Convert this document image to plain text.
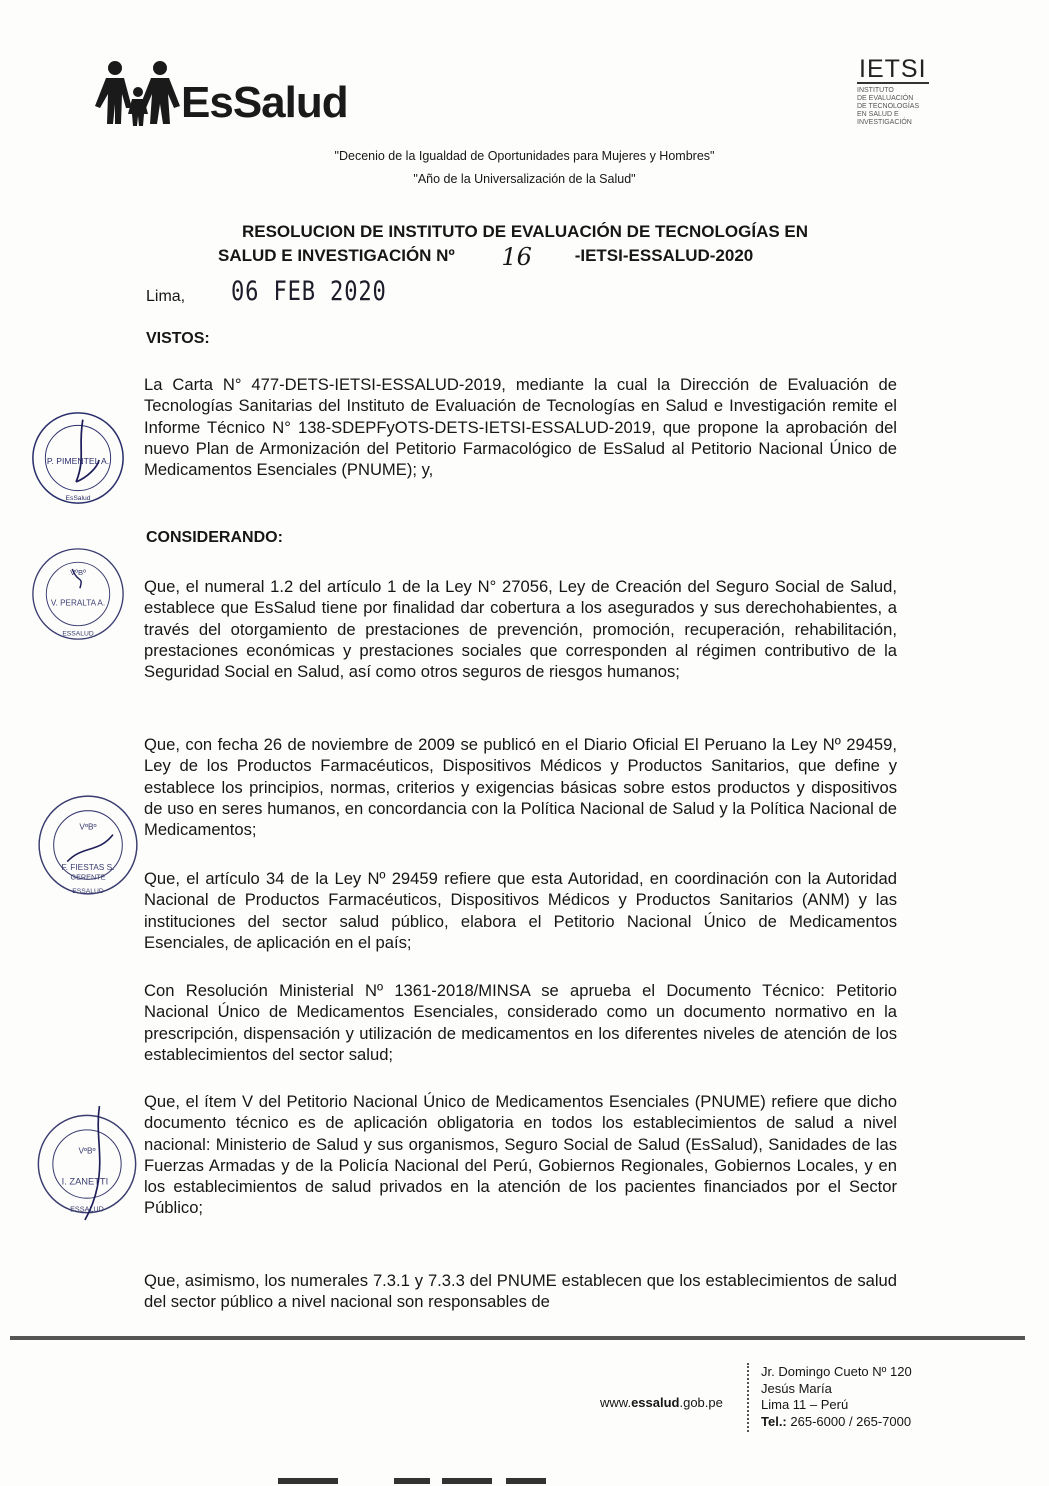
EsSalud
IETSI
INSTITUTO
DE EVALUACIÓN
DE TECNOLOGÍAS
EN SALUD E
INVESTIGACIÓN
"Decenio de la Igualdad de Oportunidades para Mujeres y Hombres"
"Año de la Universalización de la Salud"
RESOLUCION DE INSTITUTO DE EVALUACIÓN DE TECNOLOGÍAS EN
SALUD E INVESTIGACIÓN Nº 16	-IETSI-ESSALUD-2020
Lima, 06 FEB 2020
VISTOS:
La Carta N° 477-DETS-IETSI-ESSALUD-2019, mediante la cual la Dirección de Evaluación de Tecnologías Sanitarias del Instituto de Evaluación de Tecnologías en Salud e Investigación remite el Informe Técnico N° 138-SDEPFyOTS-DETS-IETSI-ESSALUD-2019, que propone la aprobación del nuevo Plan de Armonización del Petitorio Farmacológico de EsSalud al Petitorio Nacional Único de Medicamentos Esenciales (PNUME); y,
CONSIDERANDO:
Que, el numeral 1.2 del artículo 1 de la Ley N° 27056, Ley de Creación del Seguro Social de Salud, establece que EsSalud tiene por finalidad dar cobertura a los asegurados y sus derechohabientes, a través del otorgamiento de prestaciones de prevención, promoción, recuperación, rehabilitación, prestaciones económicas y prestaciones sociales que corresponden al régimen contributivo de la Seguridad Social en Salud, así como otros seguros de riesgos humanos;
Que, con fecha 26 de noviembre de 2009 se publicó en el Diario Oficial El Peruano la Ley Nº 29459, Ley de los Productos Farmacéuticos, Dispositivos Médicos y Productos Sanitarios, que define y establece los principios, normas, criterios y exigencias básicas sobre estos productos y dispositivos de uso en seres humanos, en concordancia con la Política Nacional de Salud y la Política Nacional de Medicamentos;
Que, el artículo 34 de la Ley Nº 29459 refiere que esta Autoridad, en coordinación con la Autoridad Nacional de Productos Farmacéuticos, Dispositivos Médicos y Productos Sanitarios (ANM) y las instituciones del sector salud público, elabora el Petitorio Nacional Único de Medicamentos Esenciales, de aplicación en el país;
Con Resolución Ministerial Nº 1361-2018/MINSA se aprueba el Documento Técnico: Petitorio Nacional Único de Medicamentos Esenciales, considerado como un documento normativo en la prescripción, dispensación y utilización de medicamentos en los diferentes niveles de atención de los establecimientos del sector salud;
Que, el ítem V del Petitorio Nacional Único de Medicamentos Esenciales (PNUME) refiere que dicho documento técnico es de aplicación obligatoria en todos los establecimientos de salud a nivel nacional: Ministerio de Salud y sus organismos, Seguro Social de Salud (EsSalud), Sanidades de las Fuerzas Armadas y de la Policía Nacional del Perú, Gobiernos Regionales, Gobiernos Locales, y en los establecimientos de salud privados en la atención de los pacientes financiados por el Sector Público;
Que, asimismo, los numerales 7.3.1 y 7.3.3 del PNUME establecen que los establecimientos de salud del sector público a nivel nacional son responsables de
P. PIMENTEL A.
EsSalud
VºBº
V. PERALTA A.
ESSALUD
VºBº
F. FIESTAS S.
GERENTE
ESSALUD
VºBº
I. ZANETTI
ESSALUD
www.essalud.gob.pe
Jr. Domingo Cueto Nº 120
Jesús María
Lima 11 – Perú
Tel.: 265-6000 / 265-7000
